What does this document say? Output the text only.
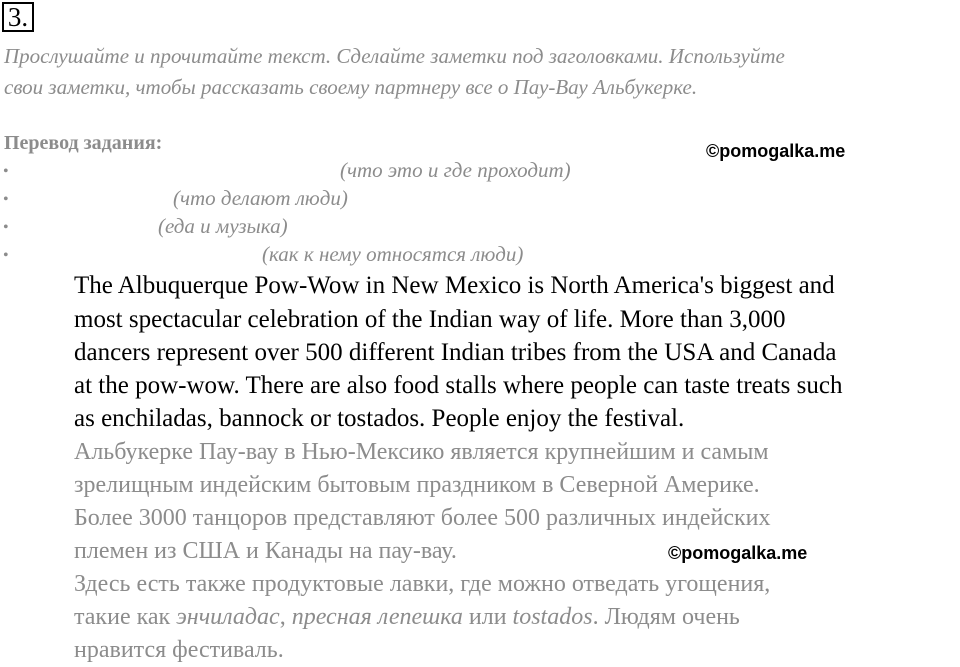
3.
Прослушайте и прочитайте текст. Сделайте заметки под заголовками. Используйте
свои заметки, чтобы рассказать своему партнеру все о Пау-Вау Альбукерке.
Перевод задания:	©pomogalka.me
•	(что это и где проходит)
•	(что делают люди)
•	(еда и музыка)
•	(как к нему относятся люди)
The Albuquerque Pow-Wow in New Mexico is North America's biggest and
most spectacular celebration of the Indian way of life. More than 3,000
dancers represent over 500 different Indian tribes from the USA and Canada
at the pow-wow. There are also food stalls where people can taste treats such
as enchiladas, bannock or tostados. People enjoy the festival.
Альбукерке Пау-вау в Нью-Мексико является крупнейшим и самым
зрелищным индейским бытовым праздником в Северной Америке.
Более 3000 танцоров представляют более 500 различных индейских
племен из США и Канады на пау-вау.	©pomogalka.me
Здесь есть также продуктовые лавки, где можно отведать угощения,
такие как энчиладас, пресная лепешка или tostados. Людям очень
нравится фестиваль.
